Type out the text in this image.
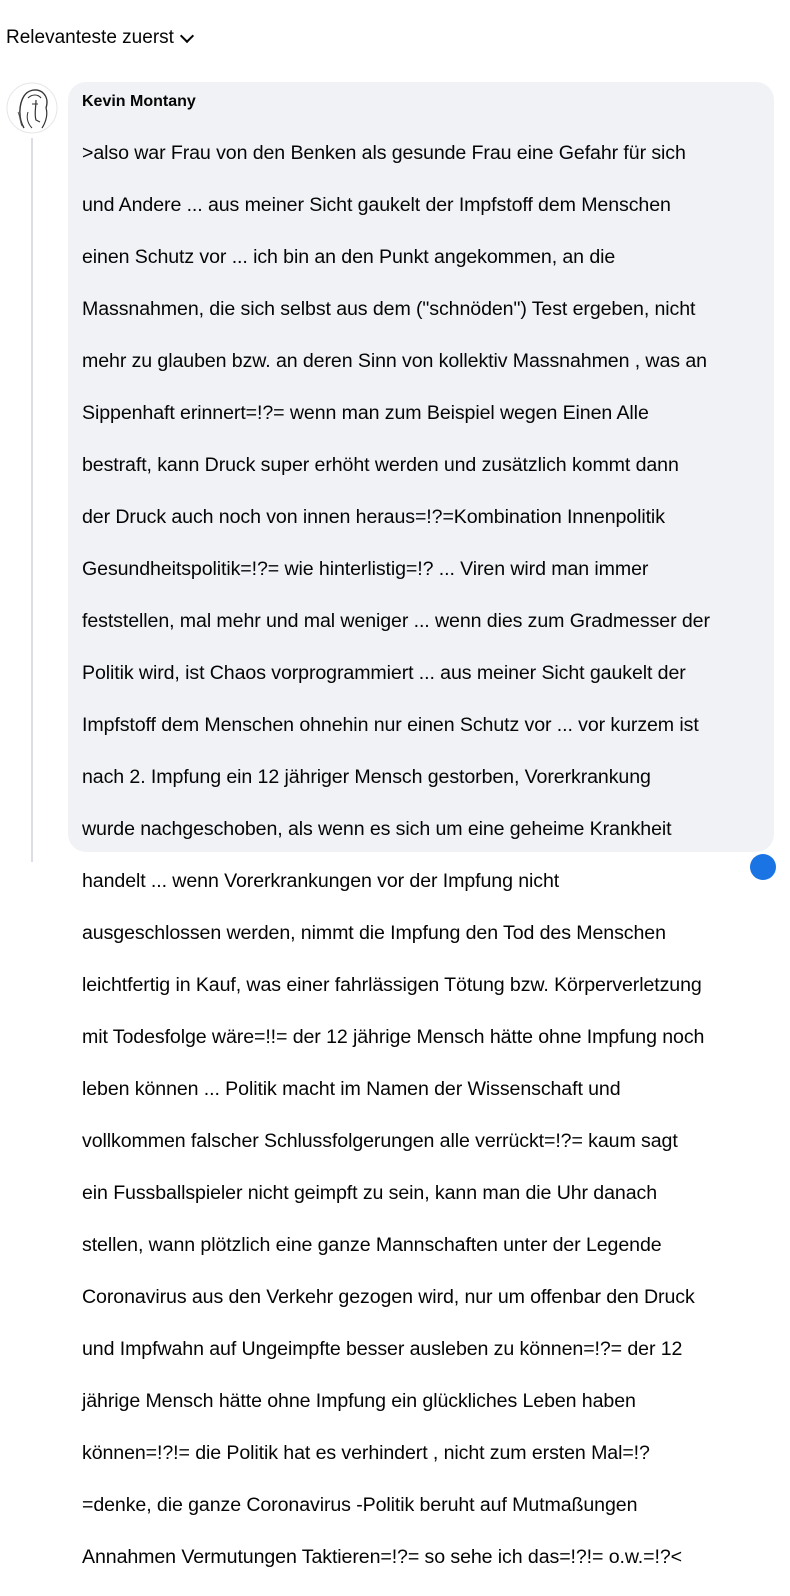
Relevanteste zuerst
Kevin Montany

>also war Frau von den Benken als gesunde Frau eine Gefahr für sich

und Andere ... aus meiner Sicht gaukelt der Impfstoff dem Menschen

einen Schutz vor ... ich bin an den Punkt angekommen, an die

Massnahmen, die sich selbst aus dem ("schnöden") Test ergeben, nicht

mehr zu glauben bzw. an deren Sinn von kollektiv Massnahmen , was an

Sippenhaft erinnert=!?= wenn man zum Beispiel wegen Einen Alle

bestraft, kann Druck super erhöht werden und zusätzlich kommt dann

der Druck auch noch von innen heraus=!?=Kombination Innenpolitik

Gesundheitspolitik=!?= wie hinterlistig=!? ... Viren wird man immer

feststellen, mal mehr und mal weniger ... wenn dies zum Gradmesser der

Politik wird, ist Chaos vorprogrammiert ... aus meiner Sicht gaukelt der

Impfstoff dem Menschen ohnehin nur einen Schutz vor ... vor kurzem ist

nach 2. Impfung ein 12 jähriger Mensch gestorben, Vorerkrankung

wurde nachgeschoben, als wenn es sich um eine geheime Krankheit

handelt ... wenn Vorerkrankungen vor der Impfung nicht

ausgeschlossen werden, nimmt die Impfung den Tod des Menschen

leichtfertig in Kauf, was einer fahrlässigen Tötung bzw. Körperverletzung

mit Todesfolge wäre=!!= der 12 jährige Mensch hätte ohne Impfung noch

leben können ... Politik macht im Namen der Wissenschaft und

vollkommen falscher Schlussfolgerungen alle verrückt=!?= kaum sagt

ein Fussballspieler nicht geimpft zu sein, kann man die Uhr danach

stellen, wann plötzlich eine ganze Mannschaften unter der Legende

Coronavirus aus den Verkehr gezogen wird, nur um offenbar den Druck

und Impfwahn auf Ungeimpfte besser ausleben zu können=!?= der 12

jährige Mensch hätte ohne Impfung ein glückliches Leben haben

können=!?!= die Politik hat es verhindert , nicht zum ersten Mal=!?

=denke, die ganze Coronavirus -Politik beruht auf Mutmaßungen

Annahmen Vermutungen Taktieren=!?= so sehe ich das=!?!= o.w.=!?<
